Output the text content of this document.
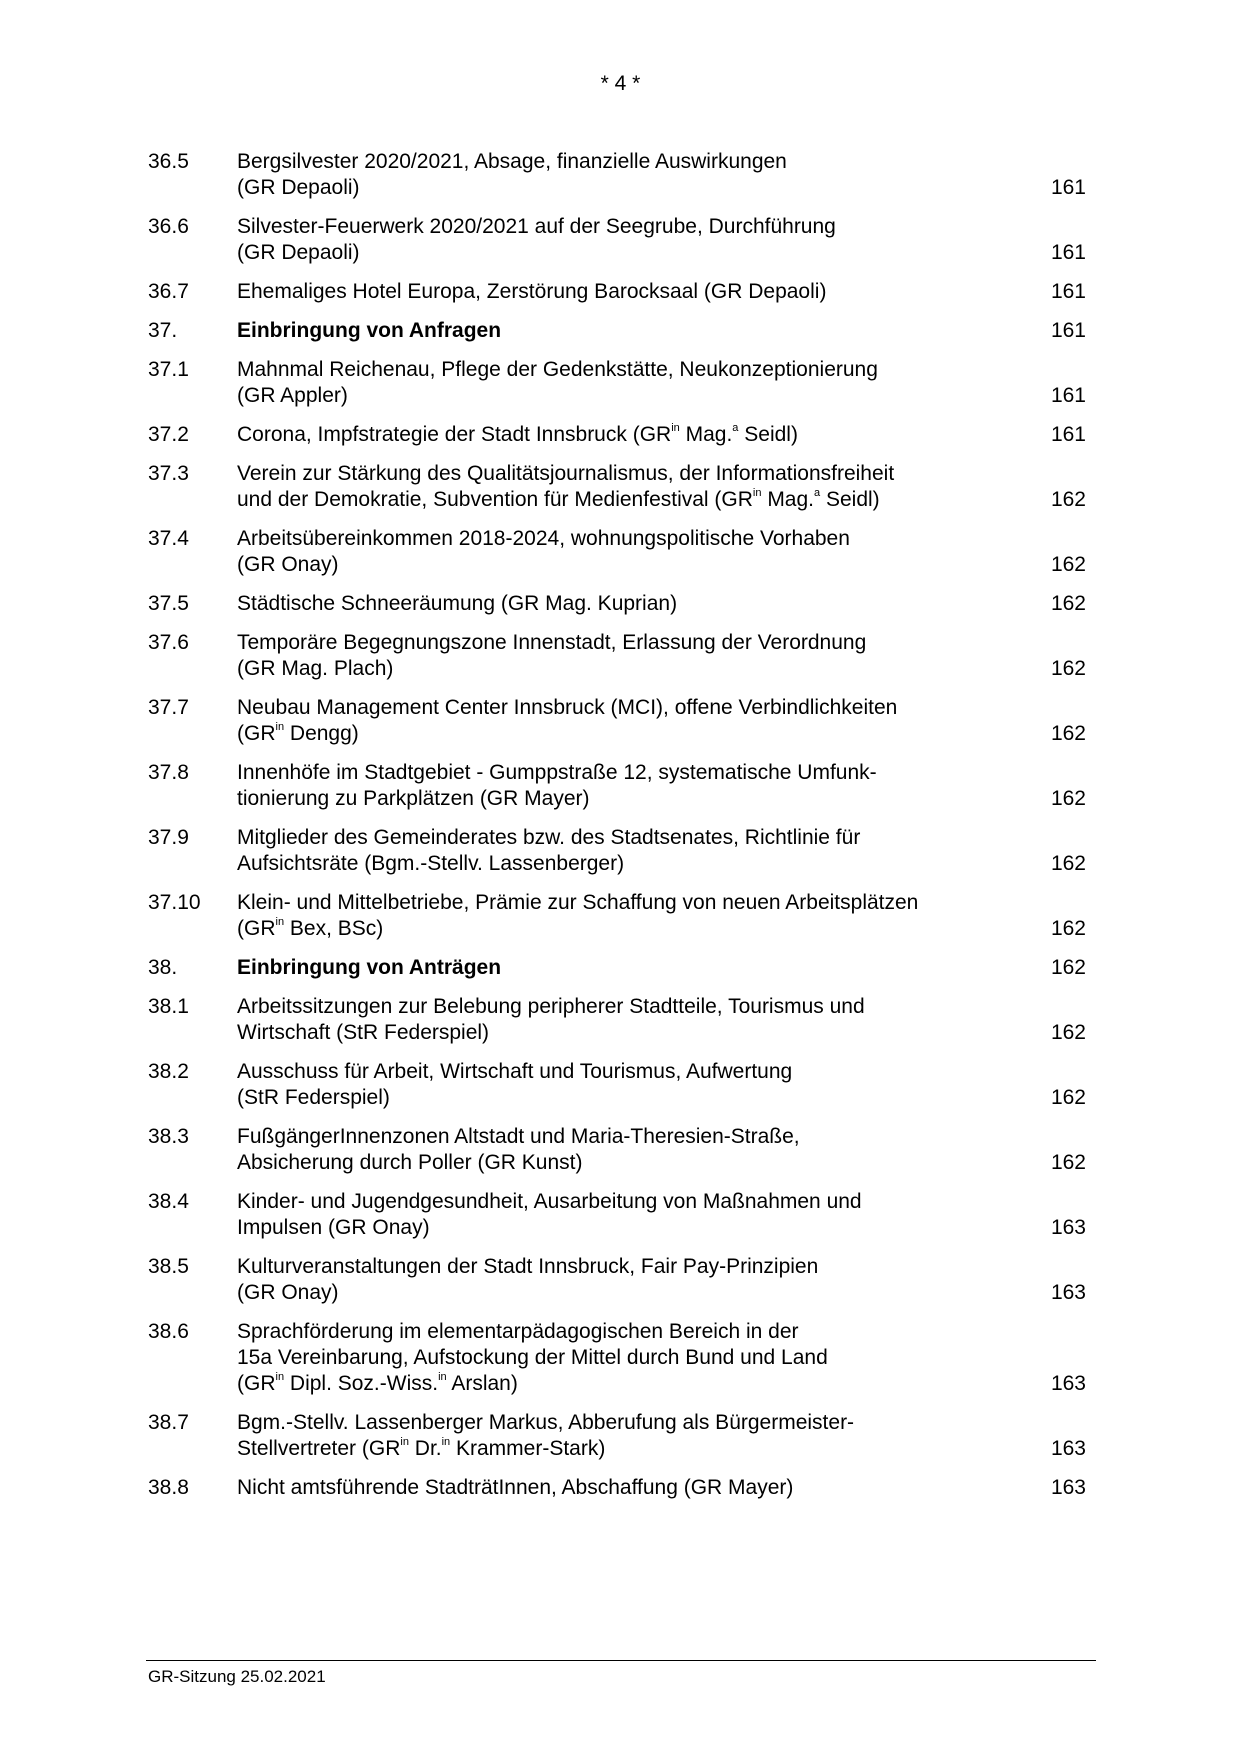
* 4 *
36.5	Bergsilvester 2020/2021, Absage, finanzielle Auswirkungen
(GR Depaoli)	161
36.6	Silvester-Feuerwerk 2020/2021 auf der Seegrube, Durchführung
(GR Depaoli)	161
36.7	Ehemaliges Hotel Europa, Zerstörung Barocksaal (GR Depaoli)	161
37.	Einbringung von Anfragen	161
37.1	Mahnmal Reichenau, Pflege der Gedenkstätte, Neukonzeptionierung
(GR Appler)	161
37.2	Corona, Impfstrategie der Stadt Innsbruck ($GR^{in}$ Mag.$^a$ Seidl)	161
37.3	Verein zur Stärkung des Qualitätsjournalismus, der Informationsfreiheit
und der Demokratie, Subvention für Medienfestival ($GR^{in}$ Mag.$^a$ Seidl)	162
37.4	Arbeitsübereinkommen 2018-2024, wohnungspolitische Vorhaben
(GR Onay)	162
37.5	Städtische Schneeräumung (GR Mag. Kuprian)	162
37.6	Temporäre Begegnungszone Innenstadt, Erlassung der Verordnung
(GR Mag. Plach)	162
37.7	Neubau Management Center Innsbruck (MCI), offene Verbindlichkeiten
($GR^{in}$ Dengg)	162
37.8	Innenhöfe im Stadtgebiet - Gumppstraße 12, systematische Umfunk-
tionierung zu Parkplätzen (GR Mayer)	162
37.9	Mitglieder des Gemeinderates bzw. des Stadtsenates, Richtlinie für
Aufsichtsräte (Bgm.-Stellv. Lassenberger)	162
37.10	Klein- und Mittelbetriebe, Prämie zur Schaffung von neuen Arbeitsplätzen
($GR^{in}$ Bex, BSc)	162
38.	Einbringung von Anträgen	162
38.1	Arbeitssitzungen zur Belebung peripherer Stadtteile, Tourismus und
Wirtschaft (StR Federspiel)	162
38.2	Ausschuss für Arbeit, Wirtschaft und Tourismus, Aufwertung
(StR Federspiel)	162
38.3	FußgängerInnenzonen Altstadt und Maria-Theresien-Straße,
Absicherung durch Poller (GR Kunst)	162
38.4	Kinder- und Jugendgesundheit, Ausarbeitung von Maßnahmen und
Impulsen (GR Onay)	163
38.5	Kulturveranstaltungen der Stadt Innsbruck, Fair Pay-Prinzipien
(GR Onay)	163
38.6	Sprachförderung im elementarpädagogischen Bereich in der
15a Vereinbarung, Aufstockung der Mittel durch Bund und Land
($GR^{in}$ Dipl. Soz.-Wiss.$^{in}$ Arslan)	163
38.7	Bgm.-Stellv. Lassenberger Markus, Abberufung als Bürgermeister-
Stellvertreter ($GR^{in}$ Dr.$^{in}$ Krammer-Stark)	163
38.8	Nicht amtsführende StadträtInnen, Abschaffung (GR Mayer)	163
GR-Sitzung 25.02.2021
